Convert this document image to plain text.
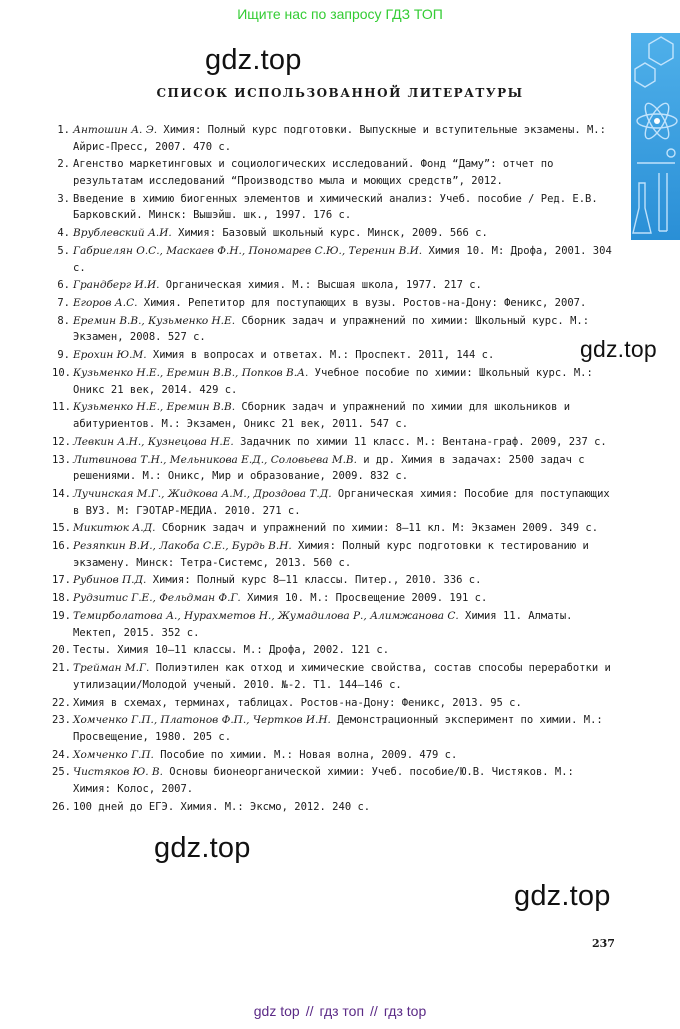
Ищите нас по запросу ГДЗ ТОП
gdz.top
gdz.top
gdz.top
gdz.top
СПИСОК ИСПОЛЬЗОВАННОЙ ЛИТЕРАТУРЫ
1. Антошин А. Э. Химия: Полный курс подготовки. Выпускные и вступительные экзамены. М.: Айрис-Пресс, 2007. 470 с.
2. Агенство маркетинговых и социологических исследований. Фонд “Даму”: отчет по результатам исследований “Производство мыла и моющих средств”, 2012.
3. Введение в химию биогенных элементов и химический анализ: Учеб. пособие / Ред. Е.В. Барковский. Минск: Вышэйш. шк., 1997. 176 с.
4. Врублевский А.И. Химия: Базовый школьный курс. Минск, 2009. 566 с.
5. Габриелян О.С., Маскаев Ф.Н., Пономарев С.Ю., Теренин В.И. Химия 10. М: Дрофа, 2001. 304 с.
6. Грандберг И.И. Органическая химия. М.: Высшая школа, 1977. 217 с.
7. Егоров А.С. Химия. Репетитор для поступающих в вузы. Ростов-на-Дону: Феникс, 2007.
8. Еремин В.В., Кузьменко Н.Е. Сборник задач и упражнений по химии: Школьный курс. М.: Экзамен, 2008. 527 с.
9. Ерохин Ю.М. Химия в вопросах и ответах. М.: Проспект. 2011, 144 с.
10. Кузьменко Н.Е., Еремин В.В., Попков В.А. Учебное пособие по химии: Школьный курс. М.: Оникс 21 век, 2014. 429 с.
11. Кузьменко Н.Е., Еремин В.В. Сборник задач и упражнений по химии для школьников и абитуриентов. М.: Экзамен, Оникс 21 век, 2011. 547 с.
12. Левкин А.Н., Кузнецова Н.Е. Задачник по химии 11 класс. М.: Вентана-граф. 2009, 237 с.
13. Литвинова Т.Н., Мельникова Е.Д., Соловьева М.В. и др. Химия в задачах: 2500 задач с решениями. М.: Оникс, Мир и образование, 2009. 832 с.
14. Лучинская М.Г., Жидкова А.М., Дроздова Т.Д. Органическая химия: Пособие для поступающих в ВУЗ. М: ГЭОТАР-МЕДИА. 2010. 271 с.
15. Микитюк А.Д. Сборник задач и упражнений по химии: 8—11 кл. М: Экзамен 2009. 349 с.
16. Резяпкин В.И., Лакоба С.Е., Бурдь В.Н. Химия: Полный курс подготовки к тестированию и экзамену. Минск: Тетра-Системс, 2013. 560 с.
17. Рубинов П.Д. Химия: Полный курс 8—11 классы. Питер., 2010. 336 с.
18. Рудзитис Г.Е., Фельдман Ф.Г. Химия 10. М.: Просвещение 2009. 191 с.
19. Темирболатова А., Нурахметов Н., Жумадилова Р., Алимжанова С. Химия 11. Алматы. Мектеп, 2015. 352 с.
20. Тесты. Химия 10—11 классы. М.: Дрофа, 2002. 121 с.
21. Трейман М.Г. Полиэтилен как отход и химические свойства, состав способы переработки и утилизации/Молодой ученый. 2010. №-2. Т1. 144—146 с.
22. Химия в схемах, терминах, таблицах. Ростов-на-Дону: Феникс, 2013. 95 с.
23. Хомченко Г.П., Платонов Ф.П., Чертков И.Н. Демонстрационный эксперимент по химии. М.: Просвещение, 1980. 205 с.
24. Хомченко Г.П. Пособие по химии. М.: Новая волна, 2009. 479 с.
25. Чистяков Ю. В. Основы бионеорганической химии: Учеб. пособие/Ю.В. Чистяков. М.: Химия: Колос, 2007.
26. 100 дней до ЕГЭ. Химия. М.: Эксмо, 2012. 240 с.
237
gdz top // гдз топ // гдз top
